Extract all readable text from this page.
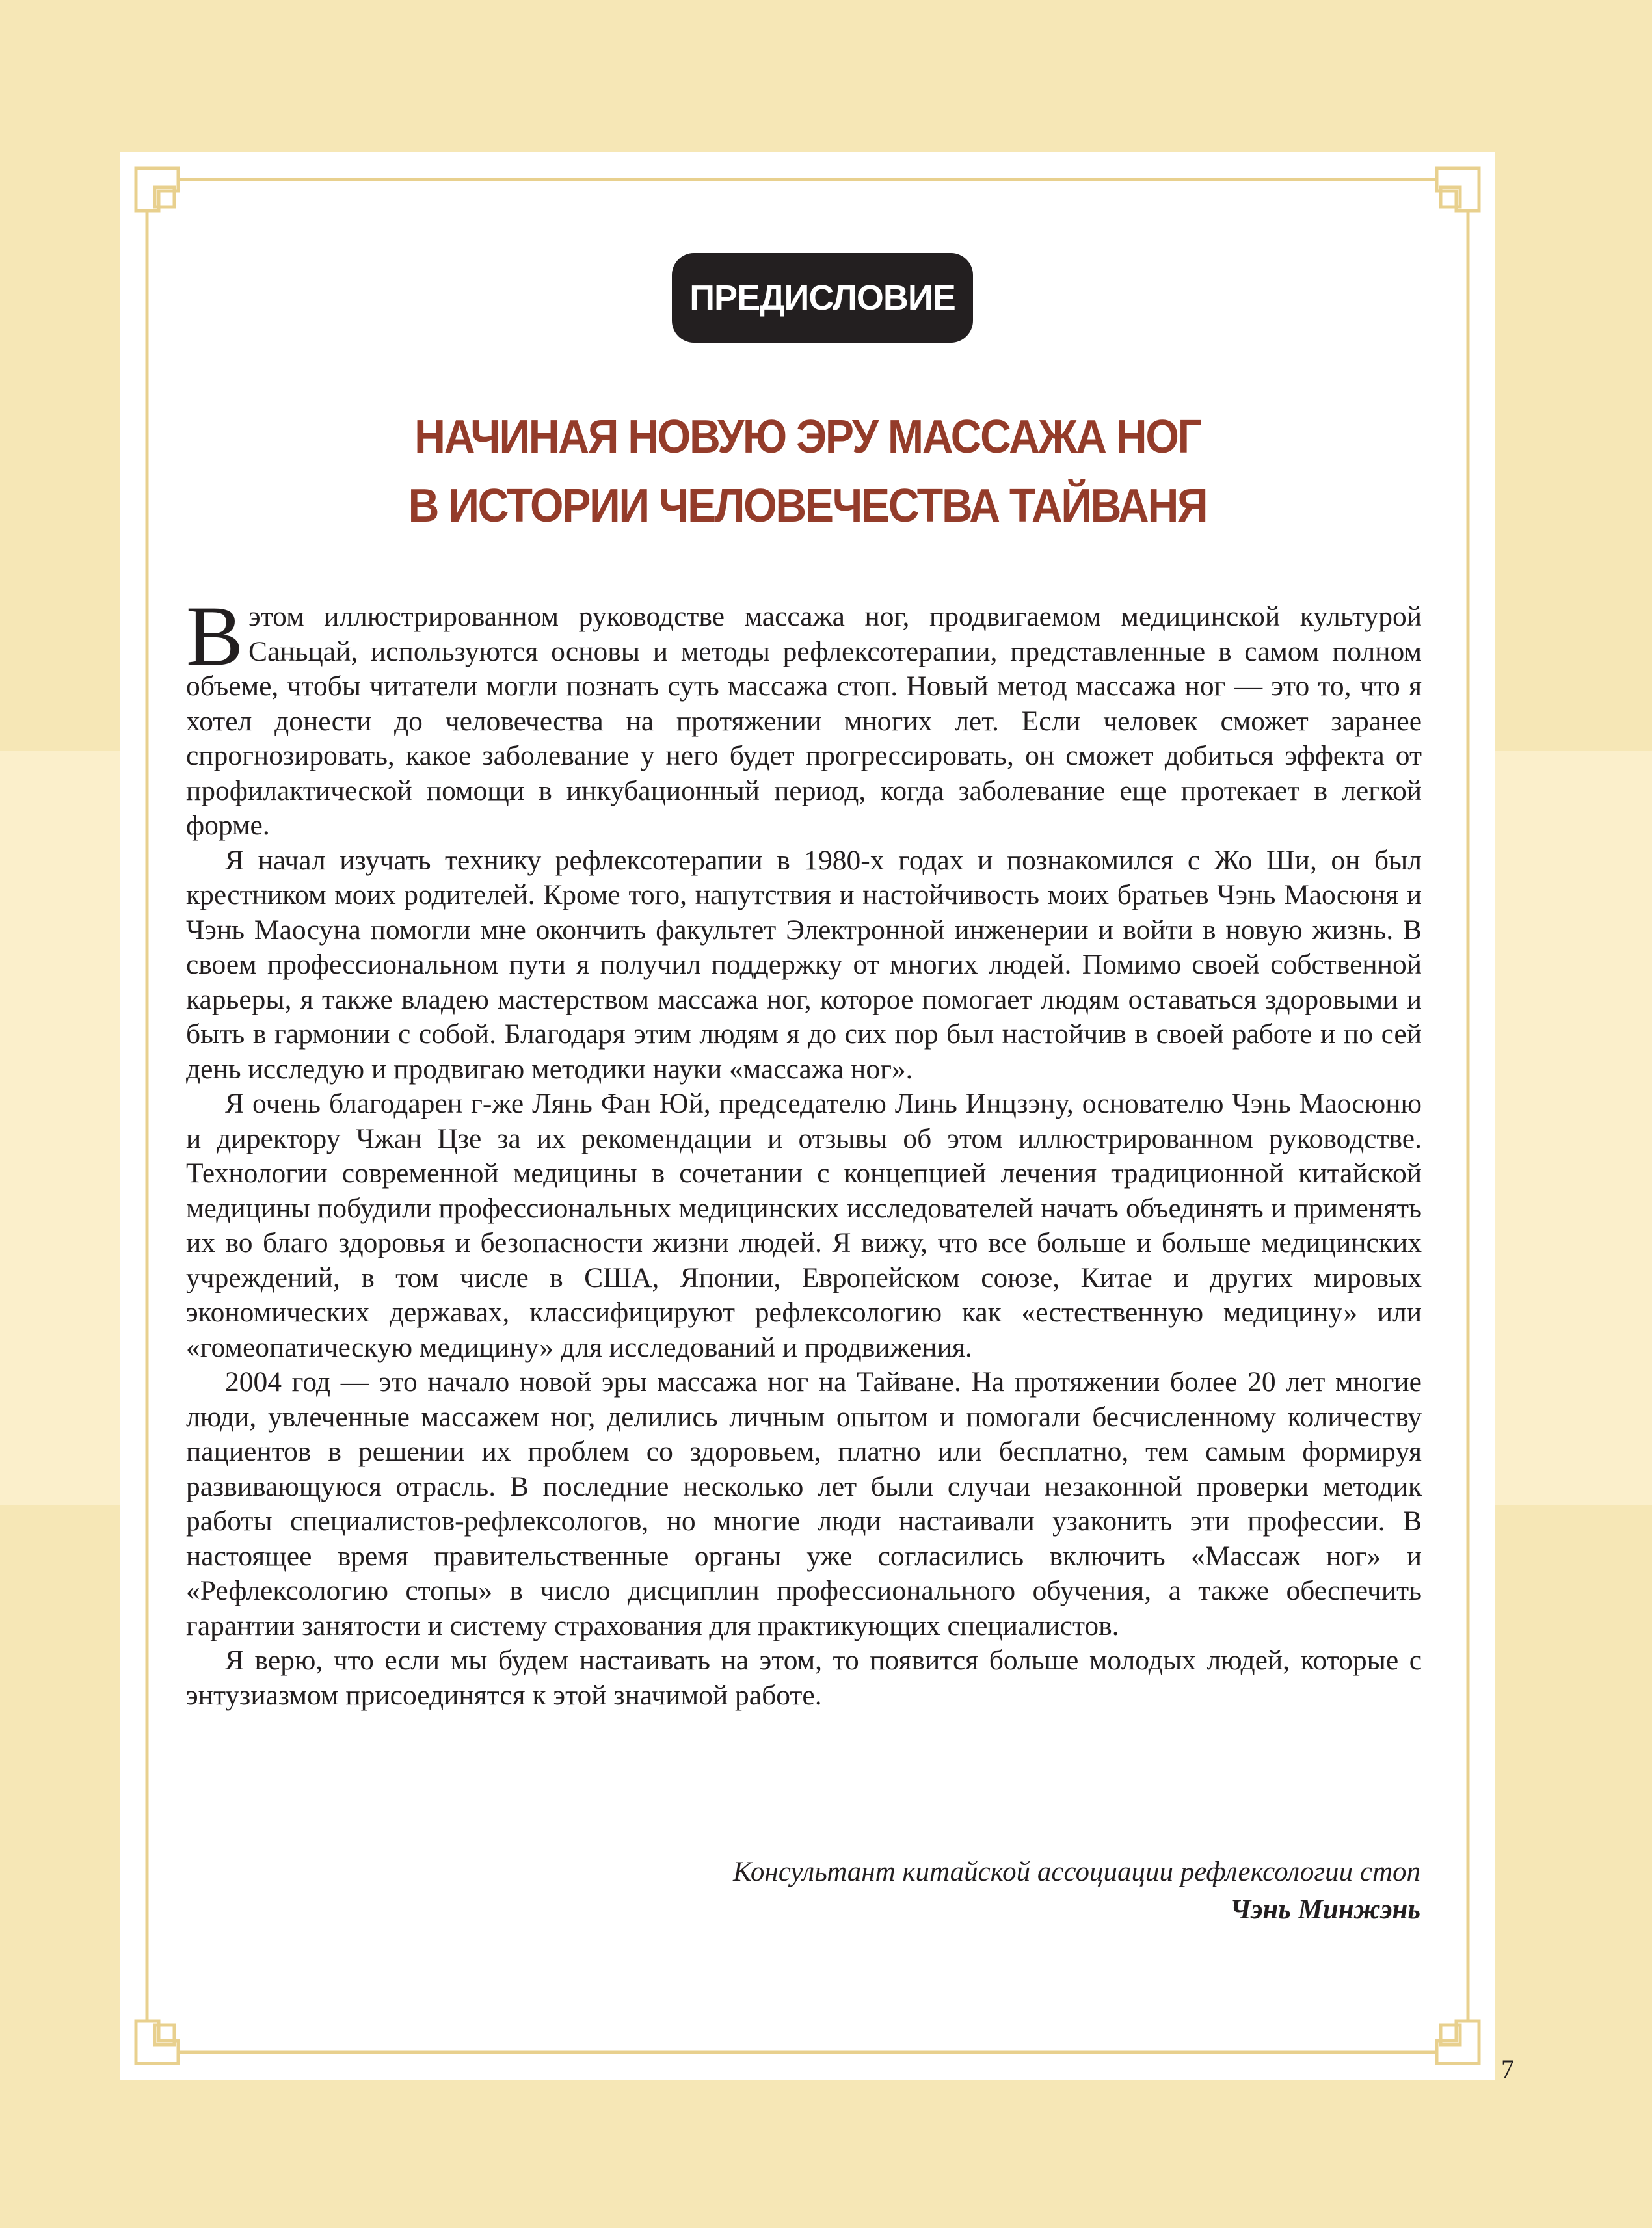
ПРЕДИСЛОВИЕ
НАЧИНАЯ НОВУЮ ЭРУ МАССАЖА НОГ
В ИСТОРИИ ЧЕЛОВЕЧЕСТВА ТАЙВАНЯ

Вэтом иллюстрированном руководстве массажа ног, продвигаемом медицинской культурой Саньцай, используются основы и методы рефлексотерапии, представленные в самом полном объеме, чтобы читатели могли познать суть массажа стоп. Новый метод массажа ног — это то, что я хотел донести до человечества на протяжении многих лет. Если человек сможет заранее спрогнозировать, какое заболевание у него будет прогрессировать, он сможет добиться эффекта от профилактической помощи в инкубационный период, когда заболевание еще протекает в легкой форме.

Я начал изучать технику рефлексотерапии в 1980-х годах и познакомился с Жо Ши, он был крестником моих родителей. Кроме того, напутствия и настойчивость моих братьев Чэнь Маосюня и Чэнь Маосуна помогли мне окончить факультет Электронной инженерии и войти в новую жизнь. В своем профессиональном пути я получил поддержку от многих людей. Помимо своей собственной карьеры, я также владею мастерством массажа ног, которое помогает людям оставаться здоровыми и быть в гармонии с собой. Благодаря этим людям я до сих пор был настойчив в своей работе и по сей день исследую и продвигаю методики науки «массажа ног».

Я очень благодарен г-же Лянь Фан Юй, председателю Линь Инцзэну, основателю Чэнь Маосюню и директору Чжан Цзе за их рекомендации и отзывы об этом иллюстрированном руководстве. Технологии современной медицины в сочетании с концепцией лечения традиционной китайской медицины побудили профессиональных медицинских исследователей начать объединять и применять их во благо здоровья и безопасности жизни людей. Я вижу, что все больше и больше медицинских учреждений, в том числе в США, Японии, Европейском союзе, Китае и других мировых экономических державах, классифицируют рефлексологию как «естественную медицину» или «гомеопатическую медицину» для исследований и продвижения.

2004 год — это начало новой эры массажа ног на Тайване. На протяжении более 20 лет многие люди, увлеченные массажем ног, делились личным опытом и помогали бесчисленному количеству пациентов в решении их проблем со здоровьем, платно или бесплатно, тем самым формируя развивающуюся отрасль. В последние несколько лет были случаи незаконной проверки методик работы специалистов-рефлексологов, но многие люди настаивали узаконить эти профессии. В настоящее время правительственные органы уже согласились включить «Массаж ног» и «Рефлексологию стопы» в число дисциплин профессионального обучения, а также обеспечить гарантии занятости и систему страхования для практикующих специалистов.

Я верю, что если мы будем настаивать на этом, то появится больше молодых людей, которые с энтузиазмом присоединятся к этой значимой работе.

Консультант китайской ассоциации рефлексологии стоп
Чэнь Минжэнь
7
